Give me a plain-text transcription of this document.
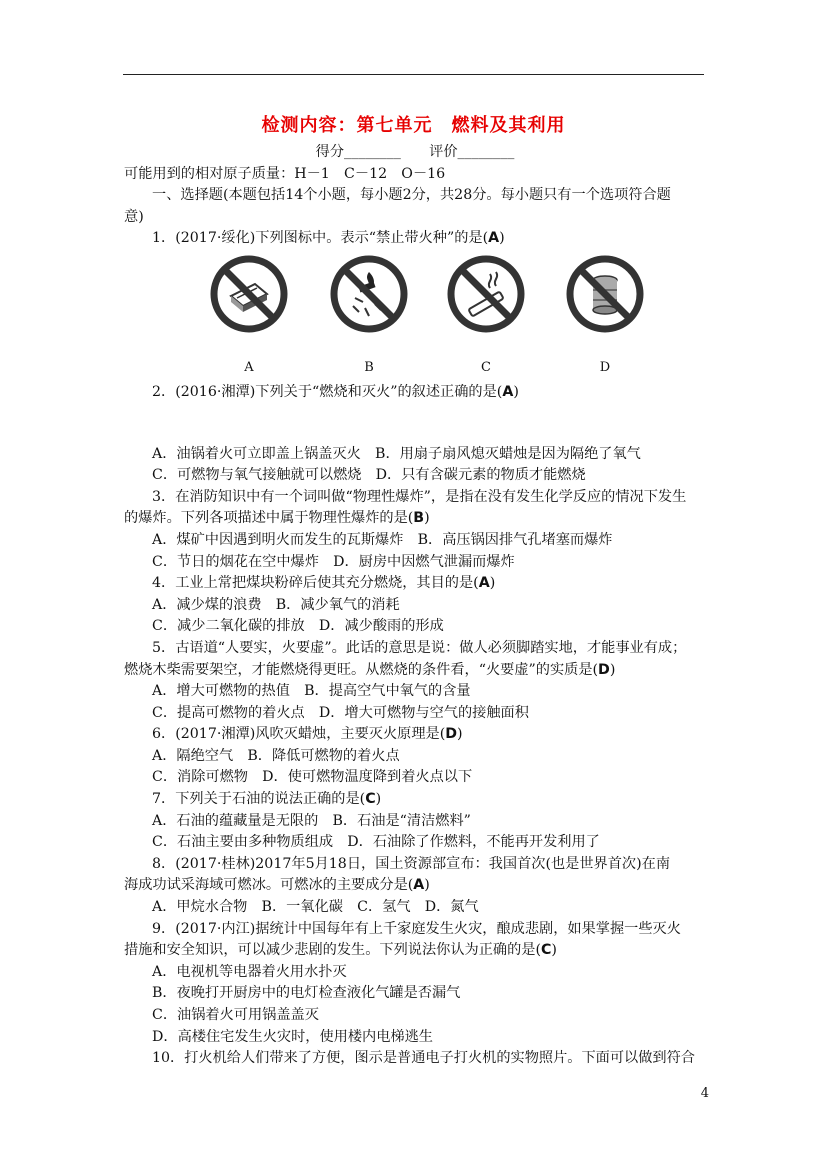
检测内容：第七单元　燃料及其利用
得分________　　评价________
可能用到的相对原子质量：H－1　C－12　O－16
一、选择题(本题包括14个小题，每小题2分，共28分。每小题只有一个选项符合题
意)
1．(2017·绥化)下列图标中。表示“禁止带火种”的是(A)
A	B	C	D
2．(2016·湘潭)下列关于“燃烧和灭火”的叙述正确的是(A)
A．油锅着火可立即盖上锅盖灭火　B．用扇子扇风熄灭蜡烛是因为隔绝了氧气
C．可燃物与氧气接触就可以燃烧　D．只有含碳元素的物质才能燃烧
3．在消防知识中有一个词叫做“物理性爆炸”，是指在没有发生化学反应的情况下发生
的爆炸。下列各项描述中属于物理性爆炸的是(B)
A．煤矿中因遇到明火而发生的瓦斯爆炸　B．高压锅因排气孔堵塞而爆炸
C．节日的烟花在空中爆炸　D．厨房中因燃气泄漏而爆炸
4．工业上常把煤块粉碎后使其充分燃烧，其目的是(A)
A．减少煤的浪费　B．减少氧气的消耗
C．减少二氧化碳的排放　D．减少酸雨的形成
5．古语道“人要实，火要虚”。此话的意思是说：做人必须脚踏实地，才能事业有成；
燃烧木柴需要架空，才能燃烧得更旺。从燃烧的条件看，“火要虚”的实质是(D)
A．增大可燃物的热值　B．提高空气中氧气的含量
C．提高可燃物的着火点　D．增大可燃物与空气的接触面积
6．(2017·湘潭)风吹灭蜡烛，主要灭火原理是(D)
A．隔绝空气　B．降低可燃物的着火点
C．消除可燃物　D．使可燃物温度降到着火点以下
7．下列关于石油的说法正确的是(C)
A．石油的蕴藏量是无限的　B．石油是“清洁燃料”
C．石油主要由多种物质组成　D．石油除了作燃料，不能再开发利用了
8．(2017·桂林)2017年5月18日，国土资源部宣布：我国首次(也是世界首次)在南
海成功试采海域可燃冰。可燃冰的主要成分是(A)
A．甲烷水合物　B．一氧化碳　C．氢气　D．氮气
9．(2017·内江)据统计中国每年有上千家庭发生火灾，酿成悲剧，如果掌握一些灭火
措施和安全知识，可以减少悲剧的发生。下列说法你认为正确的是(C)
A．电视机等电器着火用水扑灭
B．夜晚打开厨房中的电灯检查液化气罐是否漏气
C．油锅着火可用锅盖盖灭
D．高楼住宅发生火灾时，使用楼内电梯逃生
10．打火机给人们带来了方便，图示是普通电子打火机的实物照片。下面可以做到符合
4
